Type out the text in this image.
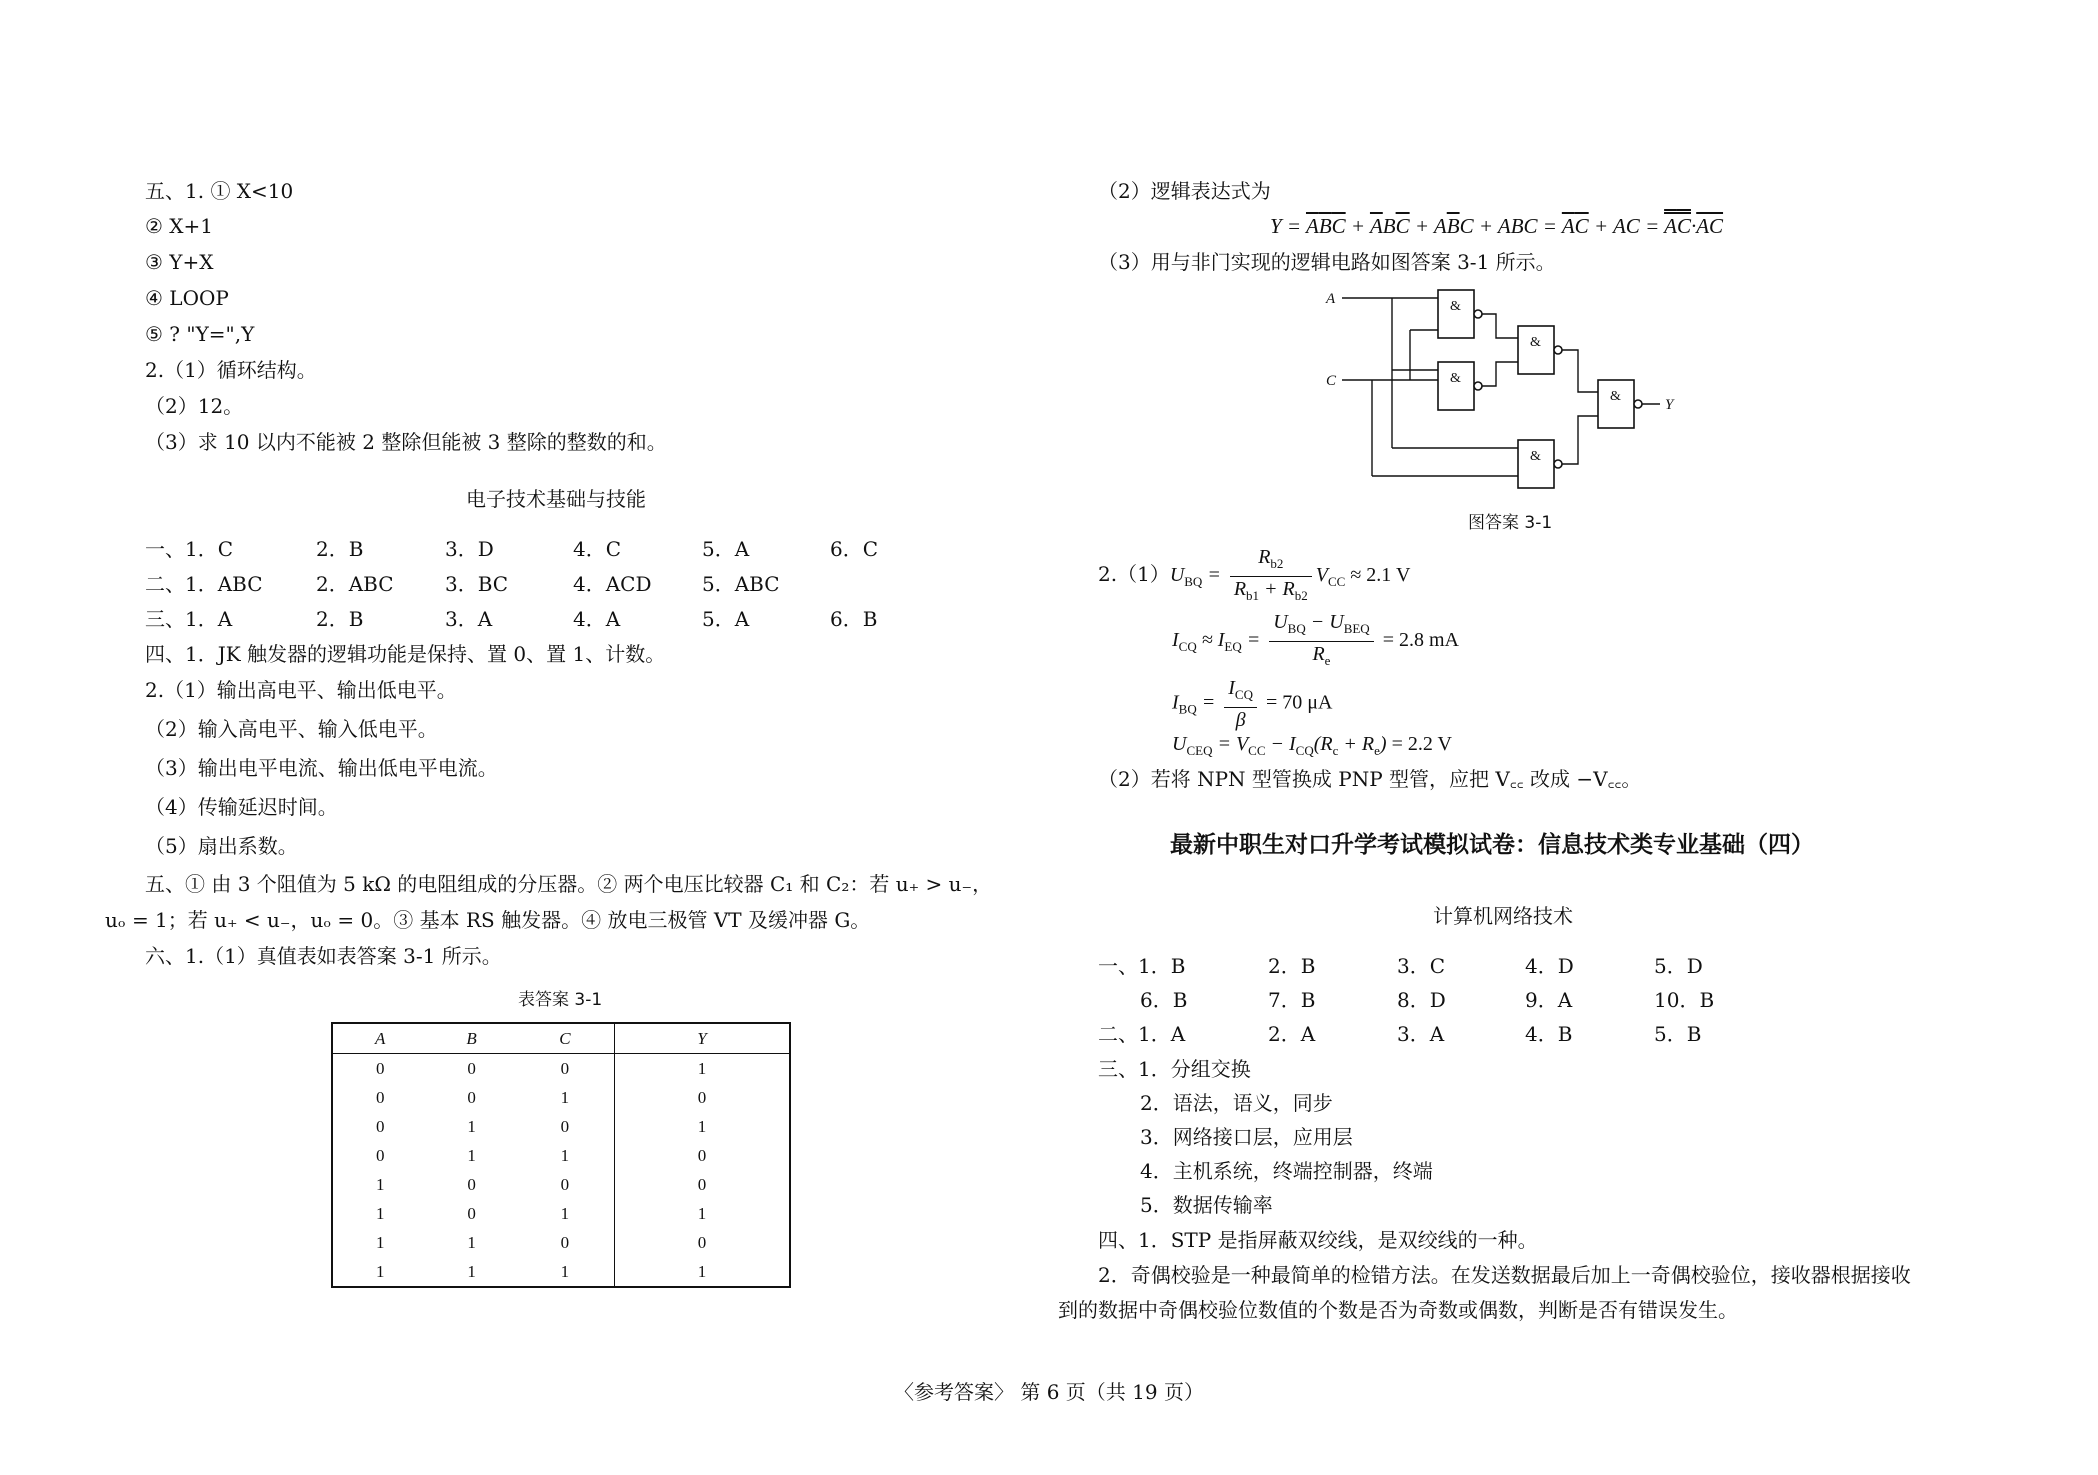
五、1. ① X<10
② X+1
③ Y+X
④ LOOP
⑤ ? "Y=",Y
2.（1）循环结构。
（2）12。
（3）求 10 以内不能被 2 整除但能被 3 整除的整数的和。
电子技术基础与技能
一、1．C	2．B	3．D	4．C	5．A	6．C
二、1．ABC	2．ABC	3．BC	4．ACD	5．ABC
三、1．A	2．B	3．A	4．A	5．A	6．B
四、1．JK 触发器的逻辑功能是保持、置 0、置 1、计数。
2.（1）输出高电平、输出低电平。
（2）输入高电平、输入低电平。
（3）输出电平电流、输出低电平电流。
（4）传输延迟时间。
（5）扇出系数。
五、① 由 3 个阻值为 5 kΩ 的电阻组成的分压器。② 两个电压比较器 C₁ 和 C₂：若 u₊ > u₋，
uₒ = 1；若 u₊ < u₋，uₒ = 0。③ 基本 RS 触发器。④ 放电三极管 VT 及缓冲器 G。
六、1.（1）真值表如表答案 3-1 所示。
表答案 3-1
A	B	C	Y
0	0	0	1
0	0	1	0
0	1	0	1
0	1	1	0
1	0	0	0
1	0	1	1
1	1	0	0
1	1	1	1
（2）逻辑表达式为
$Y = \overline{A}\overline{B}\overline{C} + \overline{A}B\overline{C} + A\overline{B}C$ + ABC = $\overline{A}\overline{C}$ + AC = $AC\cdot\overline{AC}$
（3）用与非门实现的逻辑电路如图答案 3-1 所示。
A
C
Y
&
&
&
&
&
图答案 3-1
$2.(1)U_{BQ} = \frac{R_{b2}}{R_{b1} + R_{b2}} V_{CC} \approx 2.1$ V
$I_{CQ} \approx I_{EQ} = \frac{U_{BQ} - U_{BEQ}}{R_e} = 2.8$ mA
$I_{BQ} = \frac{I_{CQ}}{\beta} = 70$ μA
$U_{CEQ} = V_{CC} - I_{CQ}(R_c + R_e) = 2.2$ V
（2）若将 NPN 型管换成 PNP 型管，应把 V꜀꜀ 改成 −V꜀꜀。
最新中职生对口升学考试模拟试卷：信息技术类专业基础（四）
计算机网络技术
一、1．B	2．B	3．C	4．D	5．D
6．B	7．B	8．D	9．A	10．B
二、1．A	2．A	3．A	4．B	5．B
三、1．分组交换
2．语法，语义，同步
3．网络接口层，应用层
4．主机系统，终端控制器，终端
5．数据传输率
四、1．STP 是指屏蔽双绞线，是双绞线的一种。
2．奇偶校验是一种最简单的检错方法。在发送数据最后加上一奇偶校验位，接收器根据接收
到的数据中奇偶校验位数值的个数是否为奇数或偶数，判断是否有错误发生。
〈参考答案〉 第 6 页（共 19 页）
